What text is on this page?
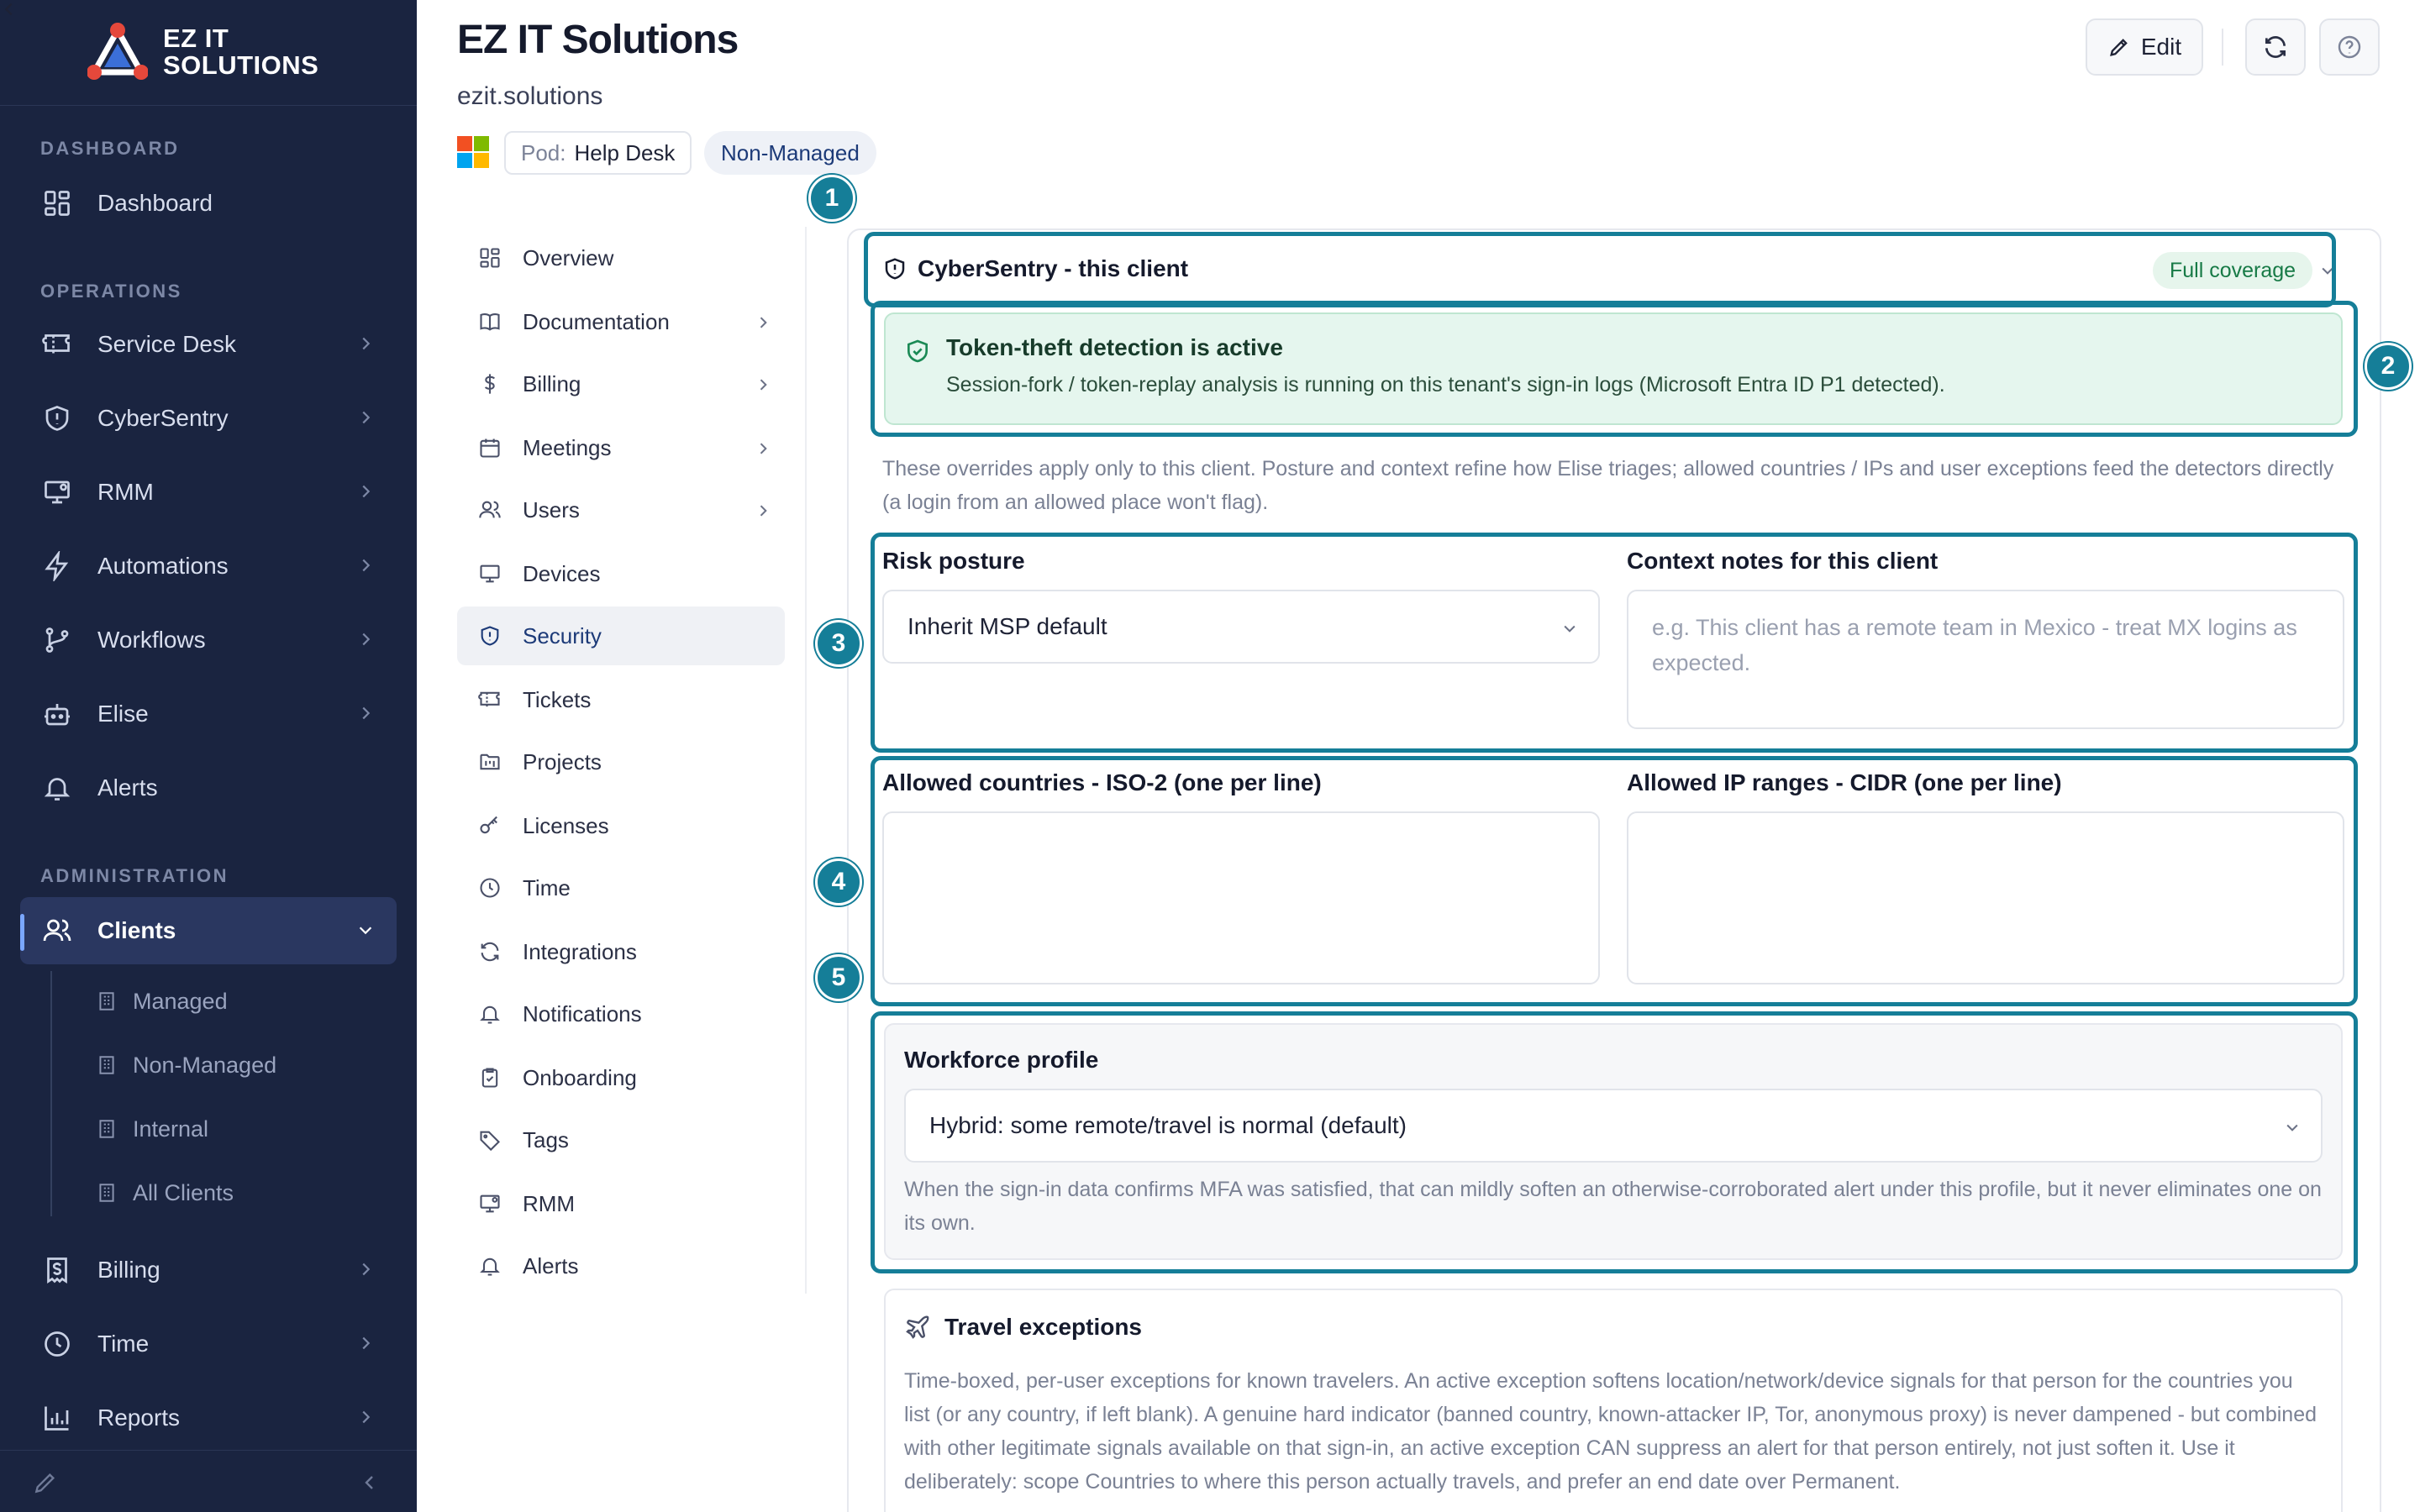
EZ IT
SOLUTIONS
DASHBOARD
Dashboard
OPERATIONS
Service Desk
CyberSentry
RMM
Automations
Workflows
Elise
Alerts
ADMINISTRATION
Clients
Managed
Non-Managed
Internal
All Clients
Billing
Time
Reports
EZ IT Solutions
ezit.solutions
Pod: Help Desk	Non-Managed
Edit
Overview
Documentation
Billing
Meetings
Users
Devices
Security
Tickets
Projects
Licenses
Time
Integrations
Notifications
Onboarding
Tags
RMM
Alerts
CyberSentry - this client	Full coverage
Token-theft detection is active
Session-fork / token-replay analysis is running on this tenant's sign-in logs (Microsoft Entra ID P1 detected).
These overrides apply only to this client. Posture and context refine how Elise triages; allowed countries / IPs and user exceptions feed the detectors directly (a login from an allowed place won't flag).
Risk posture
Inherit MSP default
Context notes for this client
e.g. This client has a remote team in Mexico - treat MX logins as expected.
Allowed countries - ISO-2 (one per line)	Allowed IP ranges - CIDR (one per line)
Workforce profile
Hybrid: some remote/travel is normal (default)
When the sign-in data confirms MFA was satisfied, that can mildly soften an otherwise-corroborated alert under this profile, but it never eliminates one on its own.
Travel exceptions
Time-boxed, per-user exceptions for known travelers. An active exception softens location/network/device signals for that person for the countries you list (or any country, if left blank). A genuine hard indicator (banned country, known-attacker IP, Tor, anonymous proxy) is never dampened - but combined with other legitimate signals available on that sign-in, an active exception CAN suppress an alert for that person entirely, not just soften it. Use it deliberately: scope Countries to where this person actually travels, and prefer an end date over Permanent.
1
2
3
4
5
